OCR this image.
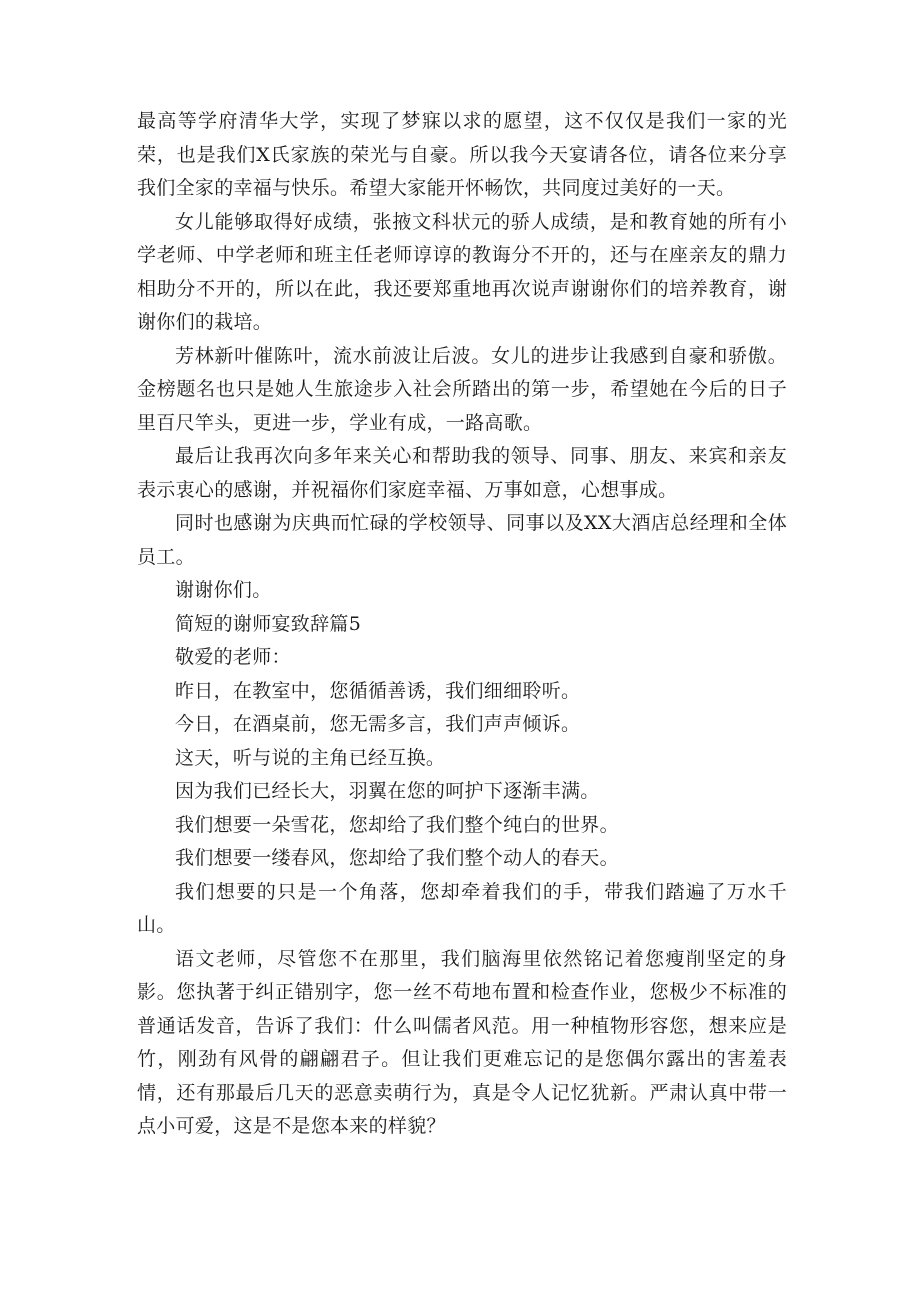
最高等学府清华大学，实现了梦寐以求的愿望，这不仅仅是我们一家的光荣，也是我们X氏家族的荣光与自豪。所以我今天宴请各位，请各位来分享我们全家的幸福与快乐。希望大家能开怀畅饮，共同度过美好的一天。

女儿能够取得好成绩，张掖文科状元的骄人成绩，是和教育她的所有小学老师、中学老师和班主任老师谆谆的教诲分不开的，还与在座亲友的鼎力相助分不开的，所以在此，我还要郑重地再次说声谢谢你们的培养教育，谢谢你们的栽培。

芳林新叶催陈叶，流水前波让后波。女儿的进步让我感到自豪和骄傲。金榜题名也只是她人生旅途步入社会所踏出的第一步，希望她在今后的日子里百尺竿头，更进一步，学业有成，一路高歌。

最后让我再次向多年来关心和帮助我的领导、同事、朋友、来宾和亲友表示衷心的感谢，并祝福你们家庭幸福、万事如意，心想事成。

同时也感谢为庆典而忙碌的学校领导、同事以及XX大酒店总经理和全体员工。

谢谢你们。

简短的谢师宴致辞篇5

敬爱的老师：

昨日，在教室中，您循循善诱，我们细细聆听。

今日，在酒桌前，您无需多言，我们声声倾诉。

这天，听与说的主角已经互换。

因为我们已经长大，羽翼在您的呵护下逐渐丰满。

我们想要一朵雪花，您却给了我们整个纯白的世界。

我们想要一缕春风，您却给了我们整个动人的春天。

我们想要的只是一个角落，您却牵着我们的手，带我们踏遍了万水千山。

语文老师，尽管您不在那里，我们脑海里依然铭记着您瘦削坚定的身影。您执著于纠正错别字，您一丝不苟地布置和检查作业，您极少不标准的普通话发音，告诉了我们：什么叫儒者风范。用一种植物形容您，想来应是竹，刚劲有风骨的翩翩君子。但让我们更难忘记的是您偶尔露出的害羞表情，还有那最后几天的恶意卖萌行为，真是令人记忆犹新。严肃认真中带一点小可爱，这是不是您本来的样貌？
